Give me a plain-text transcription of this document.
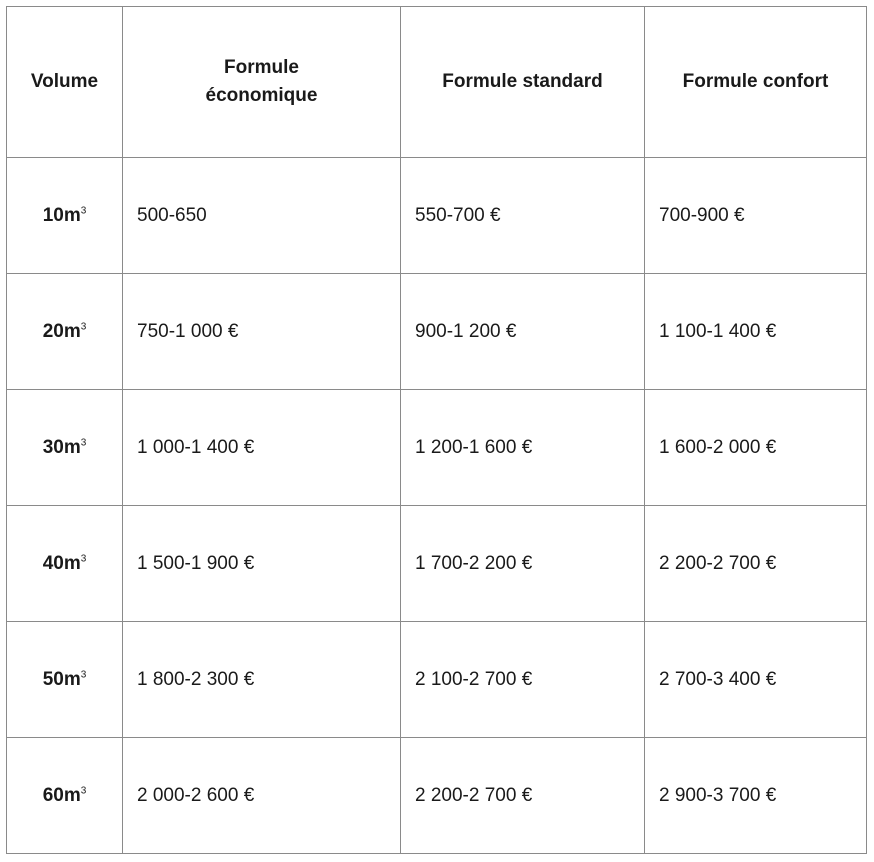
Volume	Formule économique	Formule standard	Formule confort
$10m^3$	500-650	550-700 €	700-900 €
$20m^3$	750-1 000 €	900-1 200 €	1 100-1 400 €
$30m^3$	1 000-1 400 €	1 200-1 600 €	1 600-2 000 €
$40m^3$	1 500-1 900 €	1 700-2 200 €	2 200-2 700 €
$50m^3$	1 800-2 300 €	2 100-2 700 €	2 700-3 400 €
$60m^3$	2 000-2 600 €	2 200-2 700 €	2 900-3 700 €
